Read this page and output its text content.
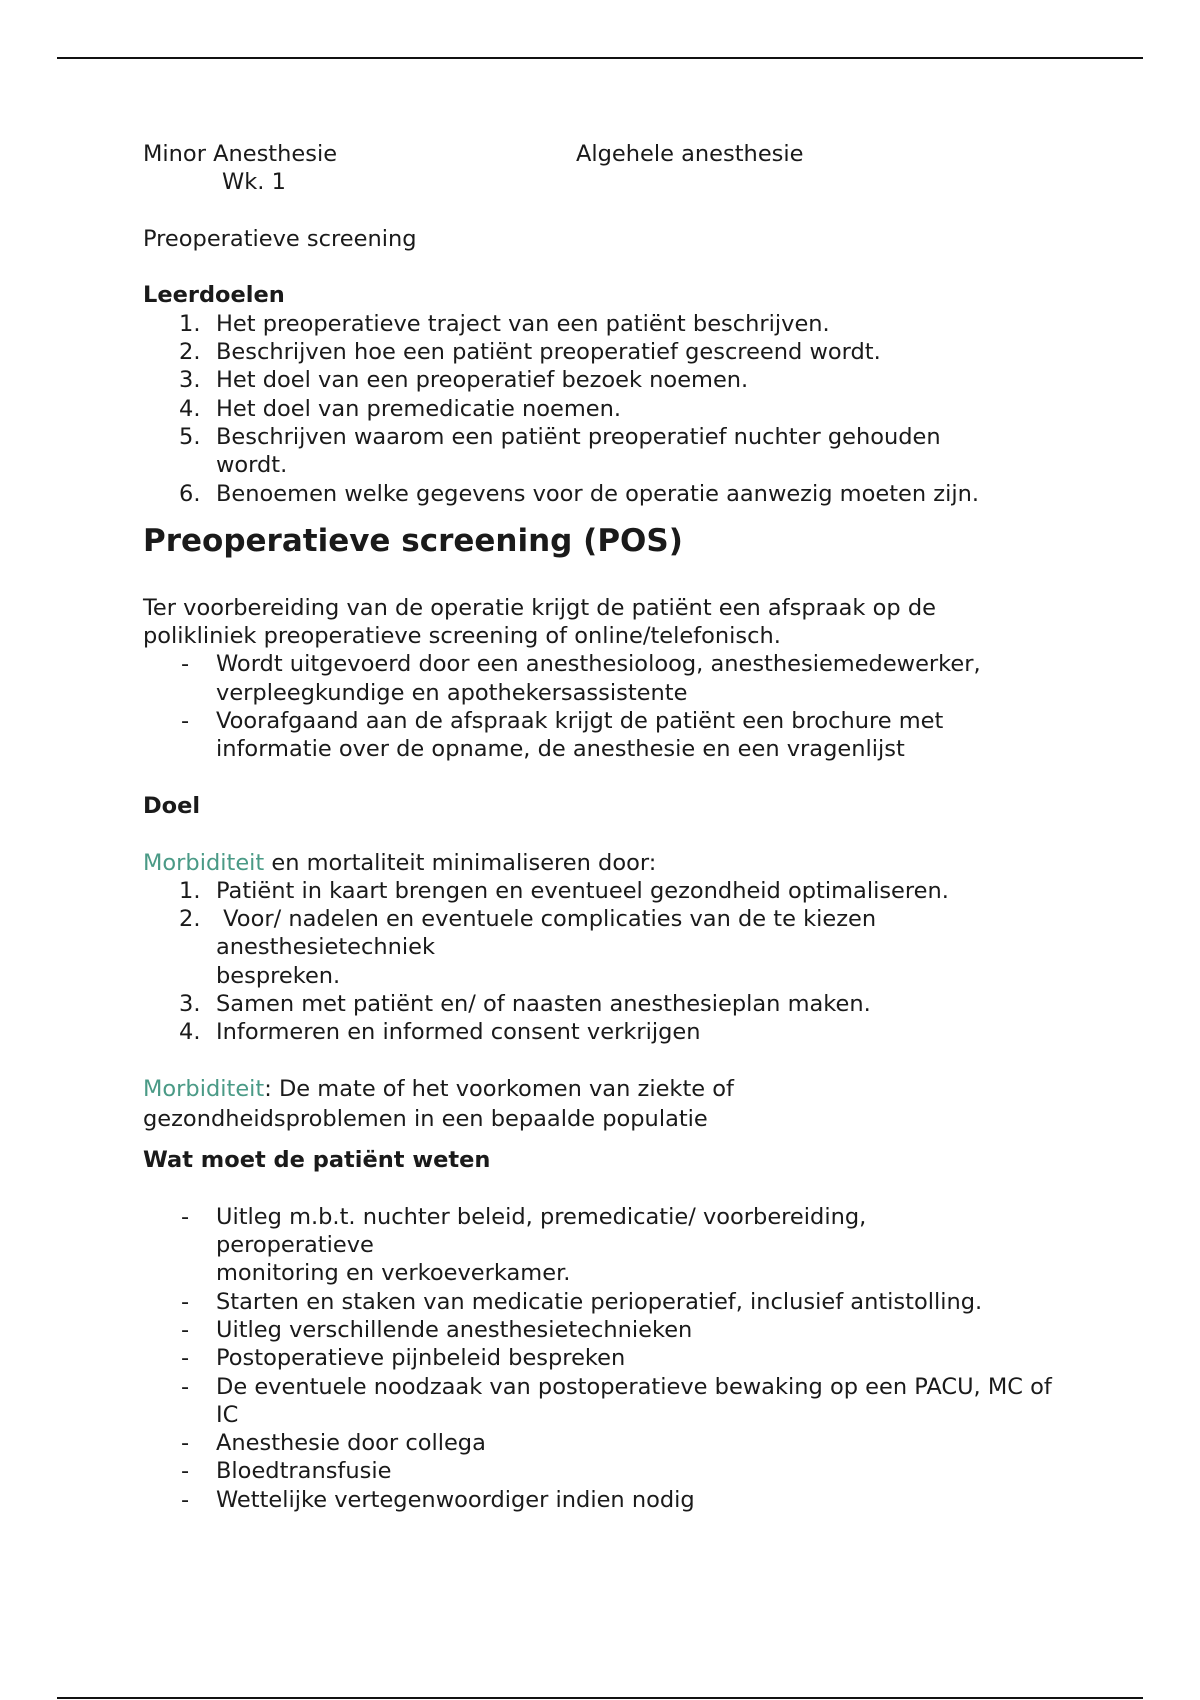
Minor Anesthesie	Algehele anesthesie

Wk. 1

Preoperatieve screening

Leerdoelen

1. Het preoperatieve traject van een patiënt beschrijven.
2. Beschrijven hoe een patiënt preoperatief gescreend wordt.
3. Het doel van een preoperatief bezoek noemen.
4. Het doel van premedicatie noemen.
5. Beschrijven waarom een patiënt preoperatief nuchter gehouden wordt.
6. Benoemen welke gegevens voor de operatie aanwezig moeten zijn.

Preoperatieve screening (POS)

Ter voorbereiding van de operatie krijgt de patiënt een afspraak op de polikliniek preoperatieve screening of online/telefonisch.

- Wordt uitgevoerd door een anesthesioloog, anesthesiemedewerker, verpleegkundige en apothekersassistente
- Voorafgaand aan de afspraak krijgt de patiënt een brochure met informatie over de opname, de anesthesie en een vragenlijst

Doel

Morbiditeit en mortaliteit minimaliseren door:

1. Patiënt in kaart brengen en eventueel gezondheid optimaliseren.
2. Voor/ nadelen en eventuele complicaties van de te kiezen anesthesietechniek
bespreken.
3. Samen met patiënt en/ of naasten anesthesieplan maken.
4. Informeren en informed consent verkrijgen

Morbiditeit: De mate of het voorkomen van ziekte of

gezondheidsproblemen in een bepaalde populatie

Wat moet de patiënt weten

- Uitleg m.b.t. nuchter beleid, premedicatie/ voorbereiding, peroperatieve
monitoring en verkoeverkamer.
- Starten en staken van medicatie perioperatief, inclusief antistolling.
- Uitleg verschillende anesthesietechnieken
- Postoperatieve pijnbeleid bespreken
- De eventuele noodzaak van postoperatieve bewaking op een PACU, MC of IC
- Anesthesie door collega
- Bloedtransfusie
- Wettelijke vertegenwoordiger indien nodig
